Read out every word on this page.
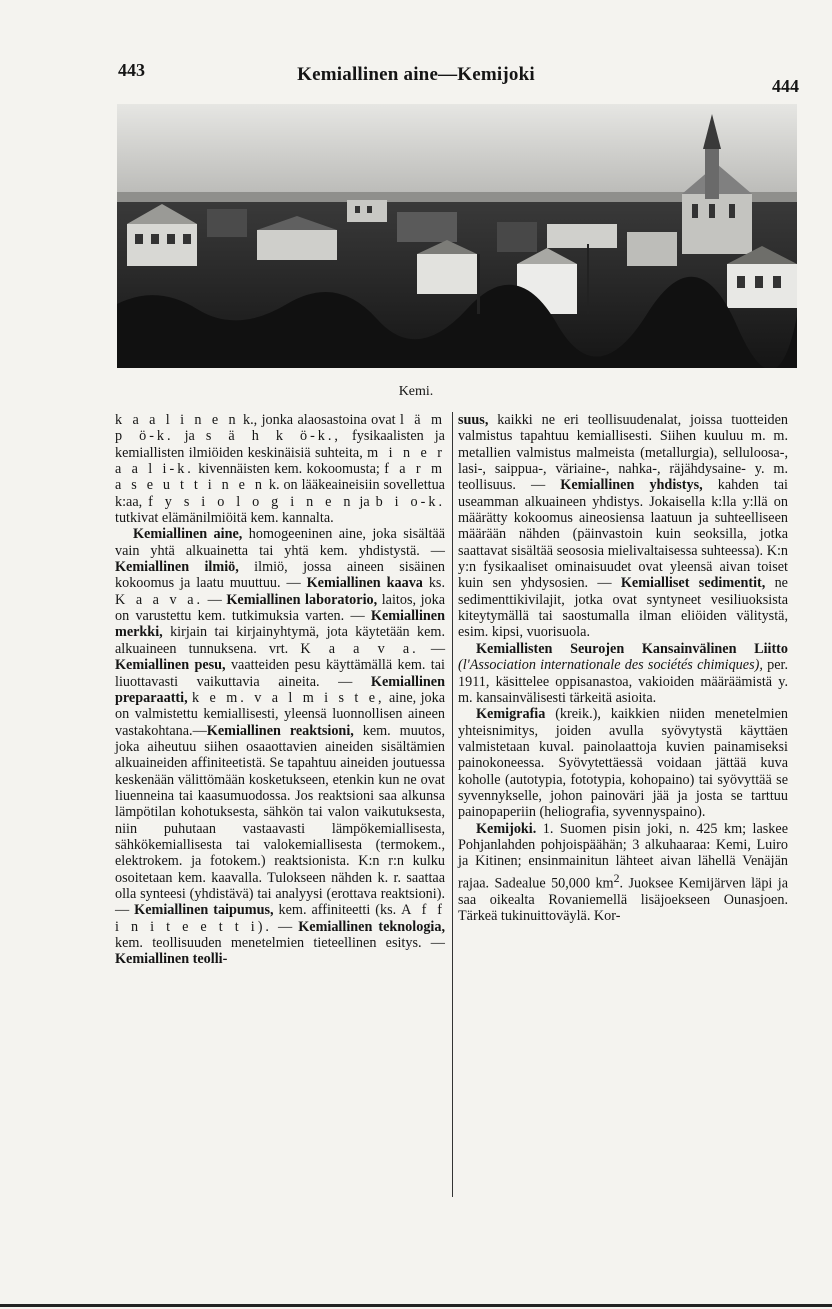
443	Kemiallinen aine—Kemijoki
444
Kemi.

k a a l i n e n k., jonka alaosastoina ovat l ä m p ö-k. ja s ä h k ö-k., fysikaalisten ja kemiallisten ilmiöiden keskinäisiä suhteita, m i n e r a a l i-k. kivennäisten kem. kokoomusta; f a r m a s e u t t i n e n k. on lääkeaineisiin sovellettua k:aa, f y s i o l o g i n e n ja b i o-k. tutkivat elämänilmiöitä kem. kannalta.

Kemiallinen aine, homogeeninen aine, joka sisältää vain yhtä alkuainetta tai yhtä kem. yhdistystä. — Kemiallinen ilmiö, ilmiö, jossa aineen sisäinen kokoomus ja laatu muuttuu. — Kemiallinen kaava ks. K a a v a. — Kemiallinen laboratorio, laitos, joka on varustettu kem. tutkimuksia varten. — Kemiallinen merkki, kirjain tai kirjainyhtymä, jota käytetään kem. alkuaineen tunnuksena. vrt. K a a v a. — Kemiallinen pesu, vaatteiden pesu käyttämällä kem. tai liuottavasti vaikuttavia aineita. — Kemiallinen preparaatti, k e m. v a l m i s t e, aine, joka on valmistettu kemiallisesti, yleensä luonnollisen aineen vastakohtana.—Kemiallinen reaktsioni, kem. muutos, joka aiheutuu siihen osaaottavien aineiden sisältämien alkuaineiden affiniteetistä. Se tapahtuu aineiden joutuessa keskenään välittömään kosketukseen, etenkin kun ne ovat liuenneina tai kaasumuodossa. Jos reaktsioni saa alkunsa lämpötilan kohotuksesta, sähkön tai valon vaikutuksesta, niin puhutaan vastaavasti lämpökemiallisesta, sähkökemiallisesta tai valokemiallisesta (termokem., elektrokem. ja fotokem.) reaktsionista. K:n r:n kulku osoitetaan kem. kaavalla. Tulokseen nähden k. r. saattaa olla synteesi (yhdistävä) tai analyysi (erottava reaktsioni). — Kemiallinen taipumus, kem. affiniteetti (ks. A f f i n i t e e t t i). — Kemiallinen teknologia, kem. teollisuuden menetelmien tieteellinen esitys. — Kemiallinen teolli-

suus, kaikki ne eri teollisuudenalat, joissa tuotteiden valmistus tapahtuu kemiallisesti. Siihen kuuluu m. m. metallien valmistus malmeista (metallurgia), selluloosa-, lasi-, saippua-, väriaine-, nahka-, räjähdysaine- y. m. teollisuus. — Kemiallinen yhdistys, kahden tai useamman alkuaineen yhdistys. Jokaisella k:lla y:llä on määrätty kokoomus aineosiensa laatuun ja suhteelliseen määrään nähden (päinvastoin kuin seoksilla, jotka saattavat sisältää seososia mielivaltaisessa suhteessa). K:n y:n fysikaaliset ominaisuudet ovat yleensä aivan toiset kuin sen yhdysosien. — Kemialliset sedimentit, ne sedimenttikivilajit, jotka ovat syntyneet vesiliuoksista kiteytymällä tai saostumalla ilman eliöiden välitystä, esim. kipsi, vuorisuola.

Kemiallisten Seurojen Kansainvälinen Liitto (l'Association internationale des sociétés chimiques), per. 1911, käsittelee oppisanastoa, vakioiden määräämistä y. m. kansainvälisesti tärkeitä asioita.

Kemigrafia (kreik.), kaikkien niiden menetelmien yhteisnimitys, joiden avulla syövytystä käyttäen valmistetaan kuval. painolaattoja kuvien painamiseksi painokoneessa. Syövytettäessä voidaan jättää kuva koholle (autotypia, fototypia, kohopaino) tai syövyttää se syvennykselle, johon painoväri jää ja josta se tarttuu painopaperiin (heliografia, syvennyspaino).

Kemijoki. 1. Suomen pisin joki, n. 425 km; laskee Pohjanlahden pohjoispäähän; 3 alkuhaaraa: Kemi, Luiro ja Kitinen; ensinmainitun lähteet aivan lähellä Venäjän rajaa. Sadealue 50,000 $km^2$. Juoksee Kemijärven läpi ja saa oikealta Rovaniemellä lisäjoekseen Ounasjoen. Tärkeä tukinuittoväylä. Kor-
